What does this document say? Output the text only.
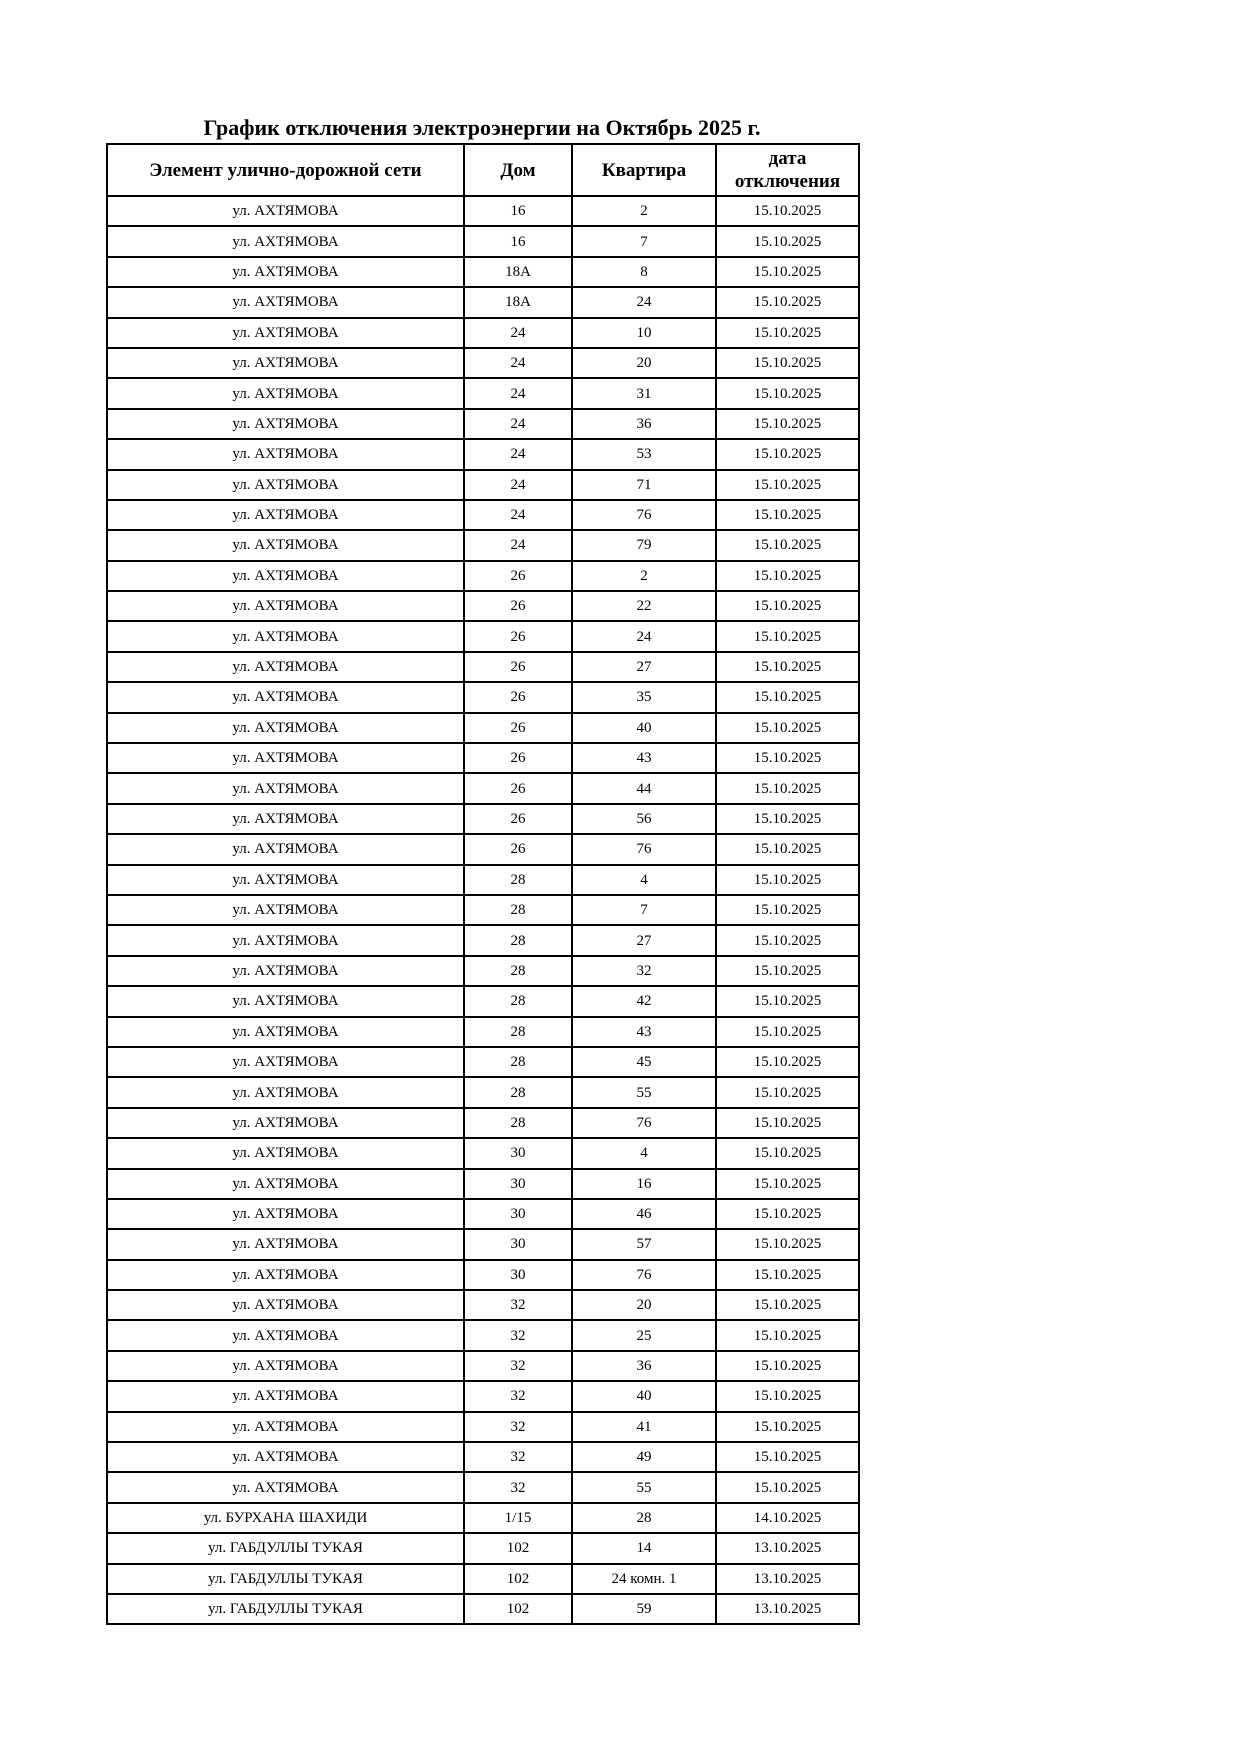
График отключения электроэнергии на Октябрь 2025 г.
Элемент улично-дорожной сети	Дом	Квартира	дата отключения
ул. АХТЯМОВА	16	2	15.10.2025
ул. АХТЯМОВА	16	7	15.10.2025
ул. АХТЯМОВА	18А	8	15.10.2025
ул. АХТЯМОВА	18А	24	15.10.2025
ул. АХТЯМОВА	24	10	15.10.2025
ул. АХТЯМОВА	24	20	15.10.2025
ул. АХТЯМОВА	24	31	15.10.2025
ул. АХТЯМОВА	24	36	15.10.2025
ул. АХТЯМОВА	24	53	15.10.2025
ул. АХТЯМОВА	24	71	15.10.2025
ул. АХТЯМОВА	24	76	15.10.2025
ул. АХТЯМОВА	24	79	15.10.2025
ул. АХТЯМОВА	26	2	15.10.2025
ул. АХТЯМОВА	26	22	15.10.2025
ул. АХТЯМОВА	26	24	15.10.2025
ул. АХТЯМОВА	26	27	15.10.2025
ул. АХТЯМОВА	26	35	15.10.2025
ул. АХТЯМОВА	26	40	15.10.2025
ул. АХТЯМОВА	26	43	15.10.2025
ул. АХТЯМОВА	26	44	15.10.2025
ул. АХТЯМОВА	26	56	15.10.2025
ул. АХТЯМОВА	26	76	15.10.2025
ул. АХТЯМОВА	28	4	15.10.2025
ул. АХТЯМОВА	28	7	15.10.2025
ул. АХТЯМОВА	28	27	15.10.2025
ул. АХТЯМОВА	28	32	15.10.2025
ул. АХТЯМОВА	28	42	15.10.2025
ул. АХТЯМОВА	28	43	15.10.2025
ул. АХТЯМОВА	28	45	15.10.2025
ул. АХТЯМОВА	28	55	15.10.2025
ул. АХТЯМОВА	28	76	15.10.2025
ул. АХТЯМОВА	30	4	15.10.2025
ул. АХТЯМОВА	30	16	15.10.2025
ул. АХТЯМОВА	30	46	15.10.2025
ул. АХТЯМОВА	30	57	15.10.2025
ул. АХТЯМОВА	30	76	15.10.2025
ул. АХТЯМОВА	32	20	15.10.2025
ул. АХТЯМОВА	32	25	15.10.2025
ул. АХТЯМОВА	32	36	15.10.2025
ул. АХТЯМОВА	32	40	15.10.2025
ул. АХТЯМОВА	32	41	15.10.2025
ул. АХТЯМОВА	32	49	15.10.2025
ул. АХТЯМОВА	32	55	15.10.2025
ул. БУРХАНА ШАХИДИ	1/15	28	14.10.2025
ул. ГАБДУЛЛЫ ТУКАЯ	102	14	13.10.2025
ул. ГАБДУЛЛЫ ТУКАЯ	102	24 комн. 1	13.10.2025
ул. ГАБДУЛЛЫ ТУКАЯ	102	59	13.10.2025
